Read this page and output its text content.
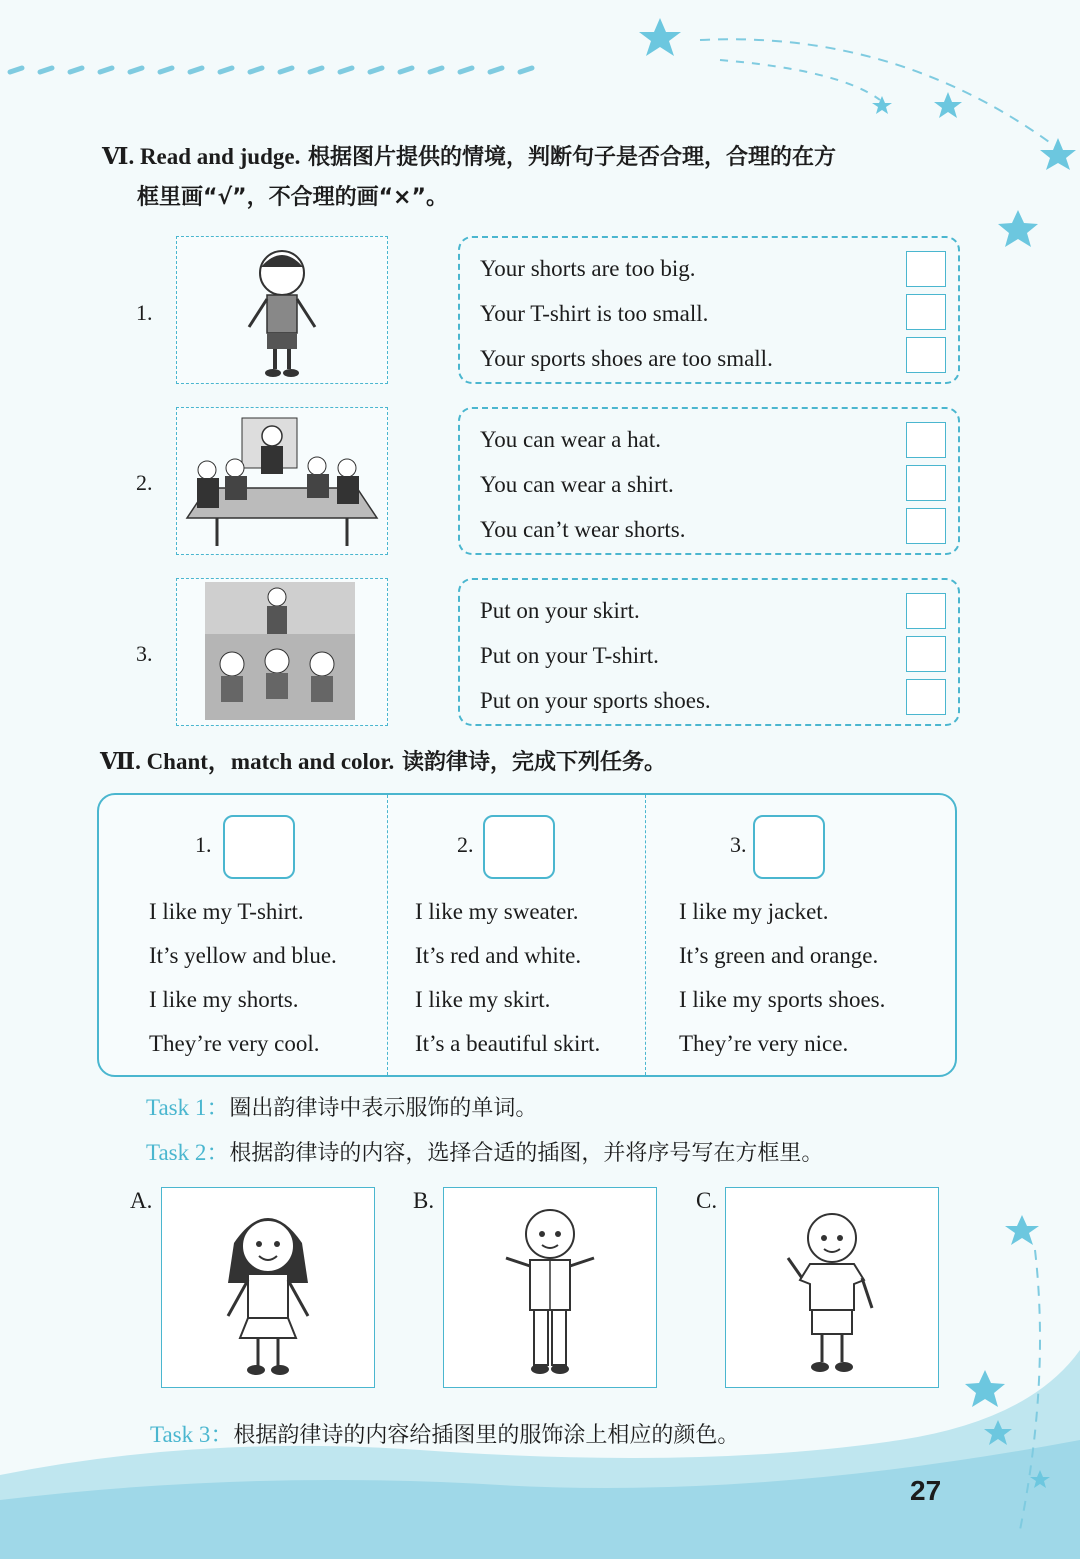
Ⅵ. Read and judge. 根据图片提供的情境，判断句子是否合理，合理的在方
框里画“√”，不合理的画“×”。
1.
Your shorts are too big.
Your T-shirt is too small.
Your sports shoes are too small.
2.
You can wear a hat.
You can wear a shirt.
You can’t wear shorts.
3.
Put on your skirt.
Put on your T-shirt.
Put on your sports shoes.
Ⅶ. Chant，match and color. 读韵律诗，完成下列任务。
1.
I like my T-shirt.
It’s yellow and blue.
I like my shorts.
They’re very cool.
2.
I like my sweater.
It’s red and white.
I like my skirt.
It’s a beautiful skirt.
3.
I like my jacket.
It’s green and orange.
I like my sports shoes.
They’re very nice.
Task 1：圈出韵律诗中表示服饰的单词。
Task 2：根据韵律诗的内容，选择合适的插图，并将序号写在方框里。
A.	B.	C.
Task 3：根据韵律诗的内容给插图里的服饰涂上相应的颜色。
27
